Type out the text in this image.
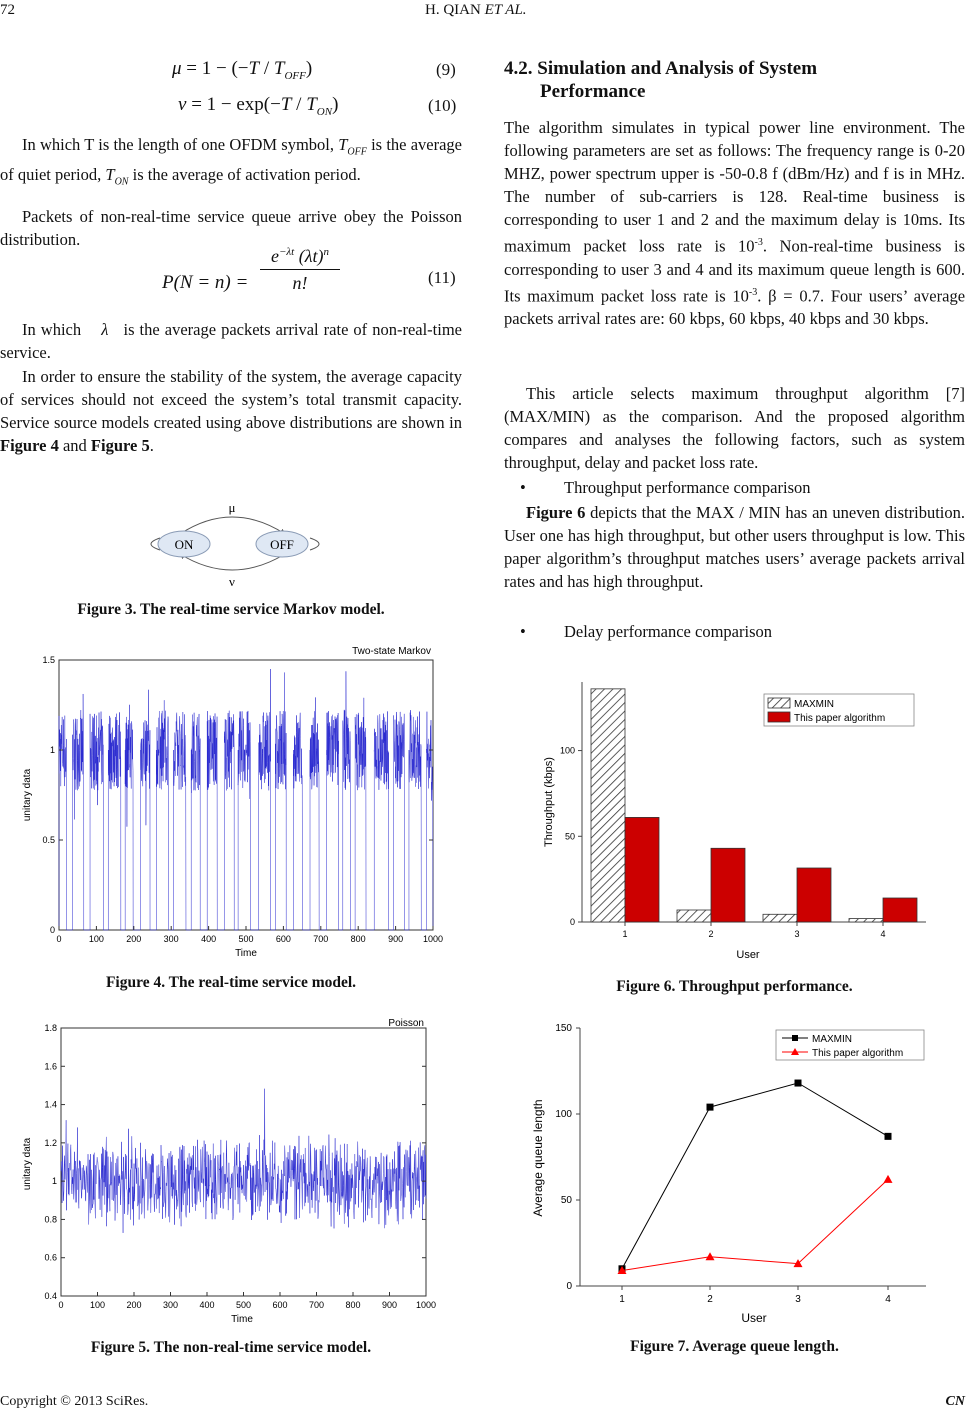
72	H. QIAN ET AL.
$\mu = 1 - (-T / T_{OFF})$	(9)
$\nu = 1 - \exp(-T / T_{ON})$	(10)
In which T is the length of one OFDM symbol, $T_{OFF}$ is the average of quiet period, $T_{ON}$ is the average of activation period.
Packets of non-real-time service queue arrive obey the Poisson distribution.
$P(N = n) = \frac{e^{-\lambda t} (\lambda t)^n}{n!}$	(11)
In which λ is the average packets arrival rate of non-real-time service.
In order to ensure the stability of the system, the average capacity of services should not exceed the system’s total transmit capacity. Service source models created using above distributions are shown in Figure 4 and Figure 5.
ON	OFF
μ
ν
Figure 3. The real-time service Markov model.
0	100 200 300 400 500 600 700 800 900 1000
0
0.5
1
1.5
Two-state Markov
Time
unitary data
Figure 4. The real-time service model.
0	100 200 300 400 500 600 700 800 900 1000
0.4
0.6
0.8
1
1.2
1.4
1.6
1.8	Poisson
Time
unitary data
Figure 5. The non-real-time service model.
4.2. Simulation and Analysis of System
Performance
The algorithm simulates in typical power line environment. The following parameters are set as follows: The frequency range is 0-20 MHZ, power spectrum upper is -50-0.8 f (dBm/Hz) and f is in MHz. The number of sub-carriers is 128. Real-time business is corresponding to user 1 and 2 and the maximum delay is 10ms. Its maximum packet loss rate is $10^{-3}$. Non-real-time business is corresponding to user 3 and 4 and its maximum queue length is 600. Its maximum packet loss rate is $10^{-3}$. β = 0.7. Four users’ average packets arrival rates are: 60 kbps, 60 kbps, 40 kbps and 30 kbps.
This article selects maximum throughput algorithm [7] (MAX/MIN) as the comparison. And the proposed algorithm compares and analyses the following factors, such as system throughput, delay and packet loss rate.
• Throughput performance comparison
Figure 6 depicts that the MAX / MIN has an uneven distribution. User one has high throughput, but other users throughput is low. This paper algorithm’s throughput matches users’ average packets arrival rates and has high throughput.
• Delay performance comparison
0
50
100
1	2	3	4
User
Throughput (kbps)
MAXMIN
This paper algorithm
Figure 6. Throughput performance.
0
50
100
150
1	2	3	4
User
Average queue length
MAXMIN
This paper algorithm
Figure 7. Average queue length.
Copyright © 2013 SciRes.	CN
